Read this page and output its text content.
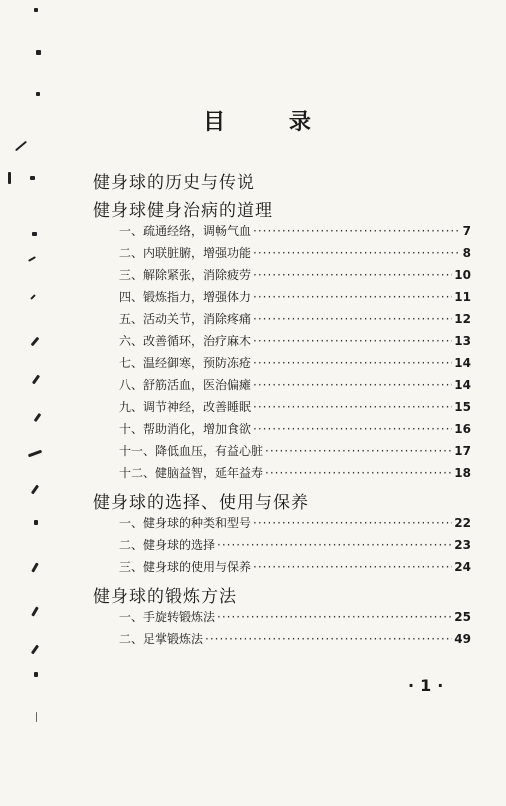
目 录
健身球的历史与传说
健身球健身治病的道理
一、疏通经络，调畅气血 ·····	7
二、内联脏腑，增强功能 ·····	8
三、解除紧张，消除疲劳 ·····	10
四、锻炼指力，增强体力 ·····	11
五、活动关节，消除疼痛 ·····	12
六、改善循环，治疗麻木 ·····	13
七、温经御寒，预防冻疮 ·····	14
八、舒筋活血，医治偏瘫 ·····	14
九、调节神经，改善睡眠 ·····	15
十、帮助消化，增加食欲 ·····	16
十一、降低血压，有益心脏 ·····	17
十二、健脑益智，延年益寿 ·····	18
健身球的选择、使用与保养
一、健身球的种类和型号 ·····	22
二、健身球的选择 ·····	23
三、健身球的使用与保养 ·····	24
健身球的锻炼方法
一、手旋转锻炼法 ·····	25
二、足掌锻炼法 ·····	49
·1·
